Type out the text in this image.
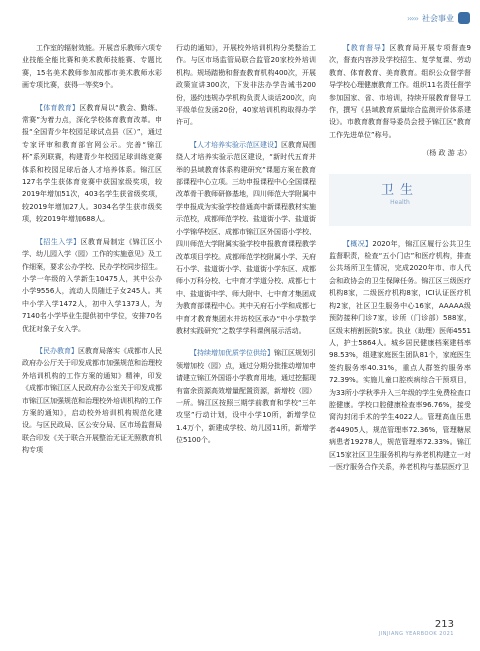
››››› 社会事业

工作室的辐射效能。开展音乐教师六项专业技能全能比赛和美术教师技能赛、专题比赛，15名美术教师参加成都市美术教师水彩画专项比赛，获得一等奖9个。

【体育教育】区教育局以“教会、勤练、常赛”为着力点，深化学校体育教育改革。申报“全国青少年校园足球试点县（区）”，通过专家评审和教育部官网公示。完善“锦江杯”系列联赛，构建青少年校园足球训练竞赛体系和校园足球后备人才培养体系。锦江区127名学生获体育竞赛中获国家级奖项，较2019年增加51次，403名学生获省级奖项，较2019年增加27人。3034名学生获市级奖项，较2019年增加688人。

【招生入学】区教育局制定《锦江区小学、幼儿园入学（园）工作的实施意见》及工作细案，要求公办学校、民办学校同步招生。小学一年级的入学新生10475人，其中公办小学9556人，流动人员随迁子女245人。其中小学入学1472人，初中入学1373人，为7140名小学毕业生提供初中学位，安排70名优抚对象子女入学。

【民办教育】区教育局落实《成都市人民政府办公厅关于印发成都市加强规范和治理校外培训机构的工作方案的通知》精神，印发《成都市锦江区人民政府办公室关于印发成都市锦江区加强规范和治理校外培训机构的工作方案的通知》，启动校外培训机构规范化建设。与区民政局、区公安分局、区市场监督局联合印发《关于联合开展整治无证无照教育机构专项

行动的通知》，开展校外培训机构分类整治工作。与区市场监管局联合监管20家校外培训机构。规场踏勘和督查教育机构400次，开展政策宣讲300次，下发非法办学告诫书200份，遏约违规办学机构负责人谈话200次，向平级单位发函20份，40家培训机构取得办学许可。

【人才培养实验示范区建设】区教育局围绕人才培养实验示范区建设，“新时代五育并举的县域教育体系构建研究”课题方案在教育部课程中心立项。三幼申报课程中心全国课程改革骨干教师研修基地，四川师范大学附属中学申报成为实验学校普通高中新课程教材实施示范校，成都师范学校、盐道街小学、盐道街小学锦华校区、成都市锦江区外国语小学校、四川师范大学附属实验学校申报教育课程教学改革项目学校。成都师范学校附属小学、天府石小学、盐道街小学、盐道街小学东区、成都师小万科分校、七中育才学道分校、成都七十中、盐道街中学、师大附中、七中育才集团成为教育部课程中心。其中天府石小学和成都七中育才教育集团水井坊校区承办“中小学数学教材实践研究”之数学学科课例展示活动。

【持续增加优质学位供给】锦江区规划引领增加校（园）点，通过分期分批推动增加申请建立锦江外国语小学教育用地，通过挖掘现有富余资源高效增量配置资源，新增校（园）一所。锦江区按照三期学前教育和学校“三年攻坚”行动计划，设中小学10所，新增学位1.4万个，新建成学校、幼儿园11所，新增学位5100个。

【教育督导】区教育局开展专项督查9次，督查内容涉及学校招生、复学复课、劳动教育、体育教育、美育教育。组织公众督学督导学校心理健康教育工作。组织11名责任督学参加国家、省、市培训，持续开展教育督导工作，撰写《县域教育质量综合监测评价体系建设》。市教育教育督导委员会授予锦江区“教育工作先进单位”称号。

（杨 政 游 志）

卫生
Health

【概况】2020年，锦江区履行公共卫生监督职责，检查“五小门店”和医疗机构，排查公共场所卫生情况，完成2020年市、市人代会和政协会的卫生保障任务。锦江区三级医疗机构8家，二级医疗机构8家，ICI认证医疗机构2家，社区卫生服务中心16家，AAAAA级预防接种门诊7家，诊所（门诊部）588家，区级末梢割医院5家。执业（助理）医师4551人，护士5864人。城乡居民健康档案建档率98.53%，组建家庭医生团队81个，家庭医生签约服务率40.31%，重点人群签约服务率72.39%。实施儿童口腔疾病综合干预项目，为33所小学秋季升入三年级的学生免费检查口腔健康。学校口腔健康检查率96.76%，接受窝沟封闭手术的学生4022人。管理高血压患者44905人，规范管理率72.36%，管理糖尿病患者19278人，规范管理率72.33%。锦江区15家社区卫生服务机构与养老机构建立一对一医疗服务合作关系，养老机构与基层医疗卫

213
JINJIANG YEARBOOK 2021
